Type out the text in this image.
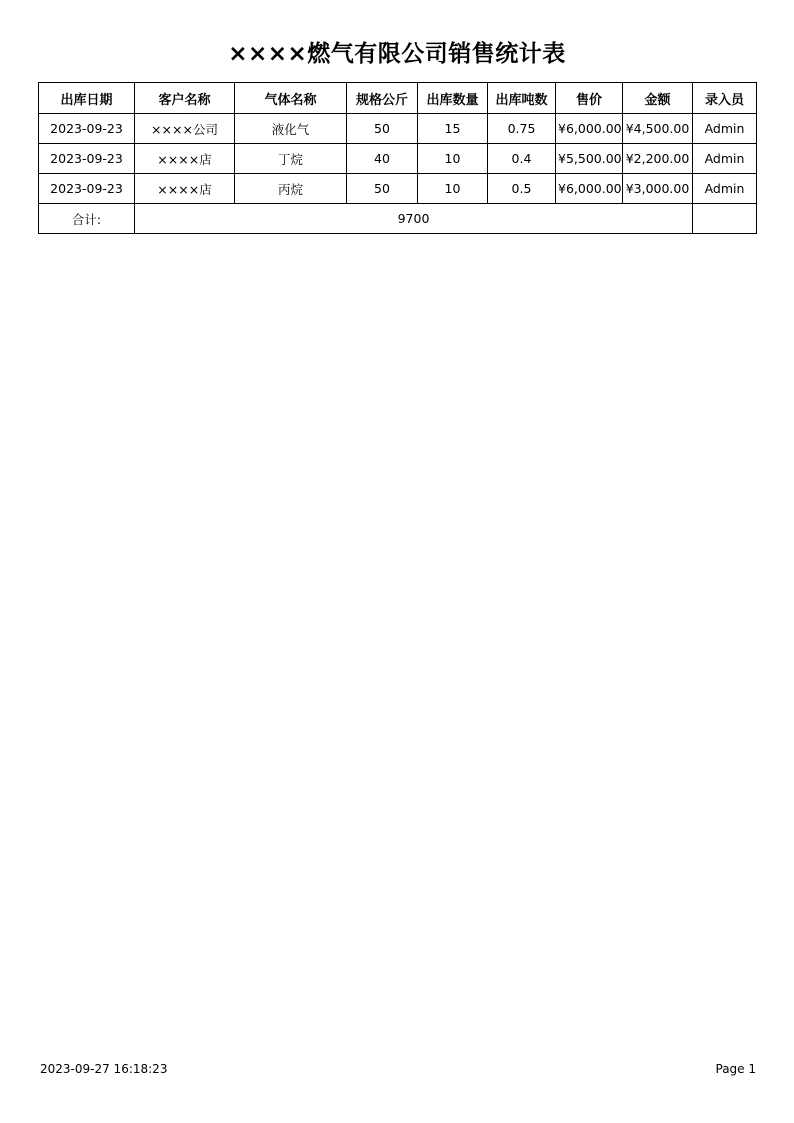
××××燃气有限公司销售统计表
出库日期	客户名称	气体名称	规格公斤	出库数量	出库吨数	售价	金额	录入员
2023-09-23	××××公司	液化气	50	15	0.75	¥6,000.00	¥4,500.00	Admin
2023-09-23	××××店	丁烷	40	10	0.4	¥5,500.00	¥2,200.00	Admin
2023-09-23	××××店	丙烷	50	10	0.5	¥6,000.00	¥3,000.00	Admin
合计:	9700							
2023-09-27 16:18:23	Page 1
